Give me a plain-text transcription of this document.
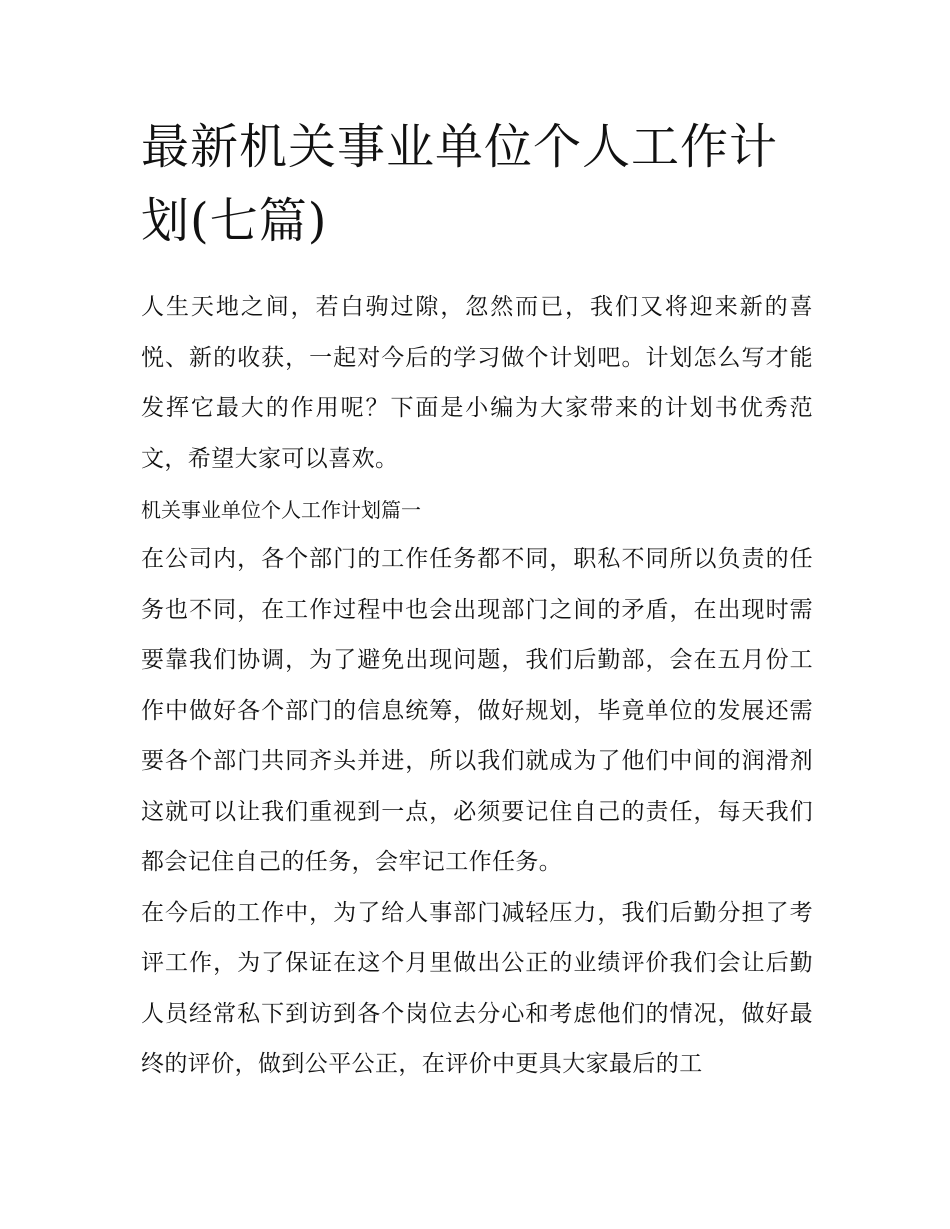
最新机关事业单位个人工作计划(七篇)

人生天地之间，若白驹过隙，忽然而已，我们又将迎来新的喜悦、新的收获，一起对今后的学习做个计划吧。计划怎么写才能发挥它最大的作用呢？下面是小编为大家带来的计划书优秀范文，希望大家可以喜欢。

机关事业单位个人工作计划篇一

在公司内，各个部门的工作任务都不同，职私不同所以负责的任务也不同，在工作过程中也会出现部门之间的矛盾，在出现时需要靠我们协调，为了避免出现问题，我们后勤部，会在五月份工作中做好各个部门的信息统筹，做好规划，毕竟单位的发展还需要各个部门共同齐头并进，所以我们就成为了他们中间的润滑剂这就可以让我们重视到一点，必须要记住自己的责任，每天我们都会记住自己的任务，会牢记工作任务。

在今后的工作中，为了给人事部门减轻压力，我们后勤分担了考评工作，为了保证在这个月里做出公正的业绩评价我们会让后勤人员经常私下到访到各个岗位去分心和考虑他们的情况，做好最终的评价，做到公平公正，在评价中更具大家最后的工
